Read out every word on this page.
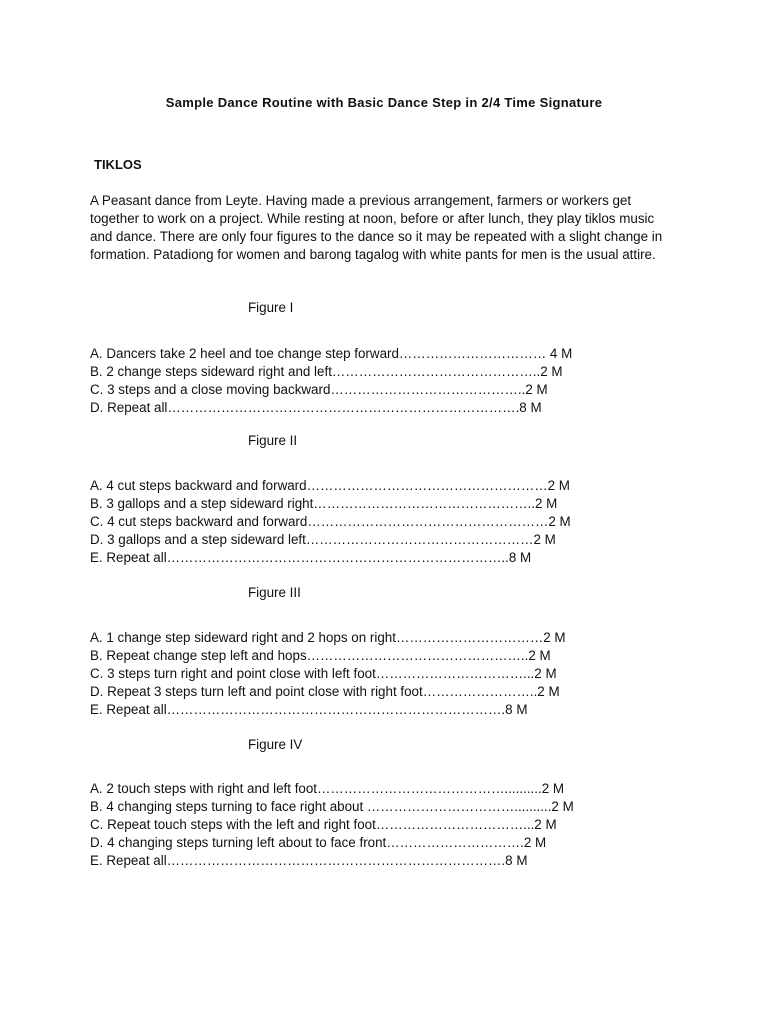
Sample Dance Routine with Basic Dance Step in 2/4 Time Signature
TIKLOS

A Peasant dance from Leyte. Having made a previous arrangement, farmers or workers get together to work on a project. While resting at noon, before or after lunch, they play tiklos music and dance. There are only four figures to the dance so it may be repeated with a slight change in formation. Patadiong for women and barong tagalog with white pants for men is the usual attire.

Figure I
A. Dancers take 2 heel and toe change step forward…………………………… 4 M
B. 2 change steps sideward right and left………………………………………..2 M
C. 3 steps and a close moving backward……………………………………..2 M
D. Repeat all…………………………………………………………………….8 M
Figure II
A. 4 cut steps backward and forward………………………………………………2 M
B. 3 gallops and a step sideward right…………………………………………..2 M
C. 4 cut steps backward and forward………………………………………………2 M
D. 3 gallops and a step sideward left……………………………………………2 M
E. Repeat all…………………………………………………………………..8 M
Figure III
A. 1 change step sideward right and 2 hops on right……………………………2 M
B. Repeat change step left and hops…………………………………………..2 M
C. 3 steps turn right and point close with left foot……………………………...2 M
D. Repeat 3 steps turn left and point close with right foot……………………..2 M
E. Repeat all………………………………………………………………….8 M
Figure IV
A. 2 touch steps with right and left foot……………………………………..........2 M
B. 4 changing steps turning to face right about ……………………………..........2 M
C. Repeat touch steps with the left and right foot……………………………...2 M
D. 4 changing steps turning left about to face front………………………….2 M
E. Repeat all………………………………………………………………….8 M
